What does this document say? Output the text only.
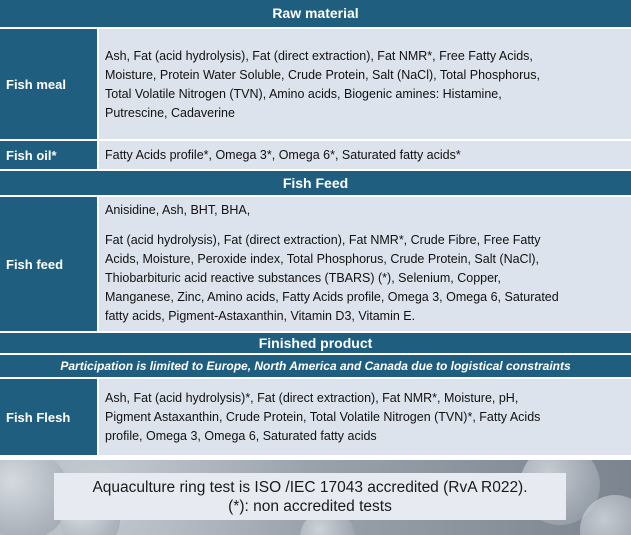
Raw material
Fish meal
Ash, Fat (acid hydrolysis), Fat (direct extraction), Fat NMR*, Free Fatty Acids,
Moisture, Protein Water Soluble, Crude Protein, Salt (NaCl), Total Phosphorus,
Total Volatile Nitrogen (TVN), Amino acids, Biogenic amines: Histamine,
Putrescine, Cadaverine
Fish oil*	Fatty Acids profile*, Omega 3*, Omega 6*, Saturated fatty acids*
Fish Feed
Fish feed
Anisidine, Ash, BHT, BHA,
Fat (acid hydrolysis), Fat (direct extraction), Fat NMR*, Crude Fibre, Free Fatty
Acids, Moisture, Peroxide index, Total Phosphorus, Crude Protein, Salt (NaCl),
Thiobarbituric acid reactive substances (TBARS) (*), Selenium, Copper,
Manganese, Zinc, Amino acids, Fatty Acids profile, Omega 3, Omega 6, Saturated
fatty acids, Pigment-Astaxanthin, Vitamin D3, Vitamin E.
Finished product
Participation is limited to Europe, North America and Canada due to logistical constraints
Fish Flesh
Ash, Fat (acid hydrolysis)*, Fat (direct extraction), Fat NMR*, Moisture, pH,
Pigment Astaxanthin, Crude Protein, Total Volatile Nitrogen (TVN)*, Fatty Acids
profile, Omega 3, Omega 6, Saturated fatty acids
Aquaculture ring test is ISO /IEC 17043 accredited (RvA R022).
(*): non accredited tests
